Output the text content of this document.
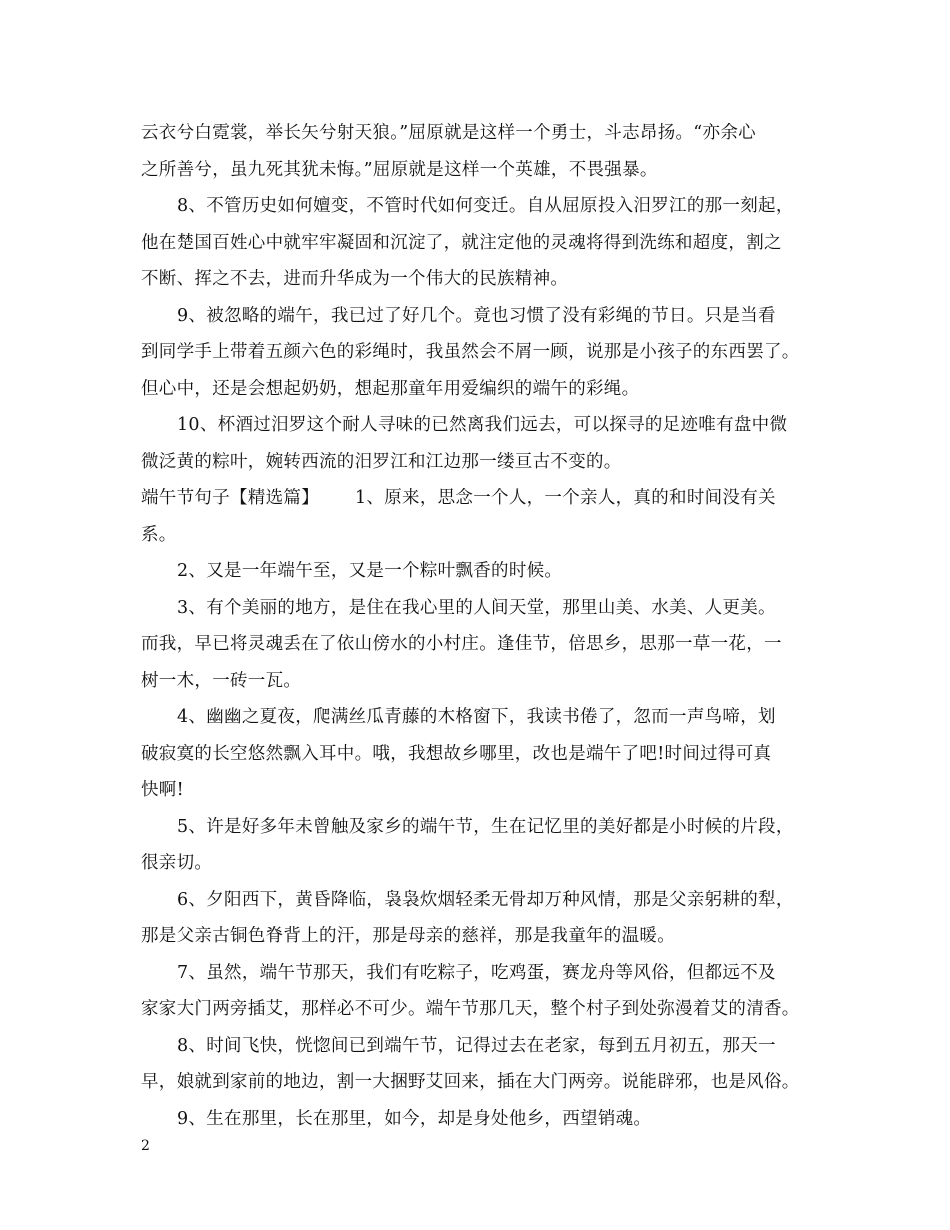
云衣兮白霓裳，举长矢兮射天狼。”屈原就是这样一个勇士，斗志昂扬。“亦余心
之所善兮，虽九死其犹未悔。”屈原就是这样一个英雄，不畏强暴。
8、不管历史如何嬗变，不管时代如何变迁。自从屈原投入汨罗江的那一刻起，
他在楚国百姓心中就牢牢凝固和沉淀了，就注定他的灵魂将得到洗练和超度，割之
不断、挥之不去，进而升华成为一个伟大的民族精神。
9、被忽略的端午，我已过了好几个。竟也习惯了没有彩绳的节日。只是当看
到同学手上带着五颜六色的彩绳时，我虽然会不屑一顾，说那是小孩子的东西罢了。
但心中，还是会想起奶奶，想起那童年用爱编织的端午的彩绳。
10、杯酒过汨罗这个耐人寻味的已然离我们远去，可以探寻的足迹唯有盘中微
微泛黄的粽叶，婉转西流的汨罗江和江边那一缕亘古不变的。
端午节句子【精选篇】 1、原来，思念一个人，一个亲人，真的和时间没有关
系。
2、又是一年端午至，又是一个粽叶飘香的时候。
3、有个美丽的地方，是住在我心里的人间天堂，那里山美、水美、人更美。
而我，早已将灵魂丢在了依山傍水的小村庄。逢佳节，倍思乡，思那一草一花，一
树一木，一砖一瓦。
4、幽幽之夏夜，爬满丝瓜青藤的木格窗下，我读书倦了，忽而一声鸟啼，划
破寂寞的长空悠然飘入耳中。哦，我想故乡哪里，改也是端午了吧!时间过得可真
快啊!
5、许是好多年未曾触及家乡的端午节，生在记忆里的美好都是小时候的片段，
很亲切。
6、夕阳西下，黄昏降临，袅袅炊烟轻柔无骨却万种风情，那是父亲躬耕的犁，
那是父亲古铜色脊背上的汗，那是母亲的慈祥，那是我童年的温暖。
7、虽然，端午节那天，我们有吃粽子，吃鸡蛋，赛龙舟等风俗，但都远不及
家家大门两旁插艾，那样必不可少。端午节那几天，整个村子到处弥漫着艾的清香。
8、时间飞快，恍惚间已到端午节，记得过去在老家，每到五月初五，那天一
早，娘就到家前的地边，割一大捆野艾回来，插在大门两旁。说能辟邪，也是风俗。
9、生在那里，长在那里，如今，却是身处他乡，西望销魂。
2
